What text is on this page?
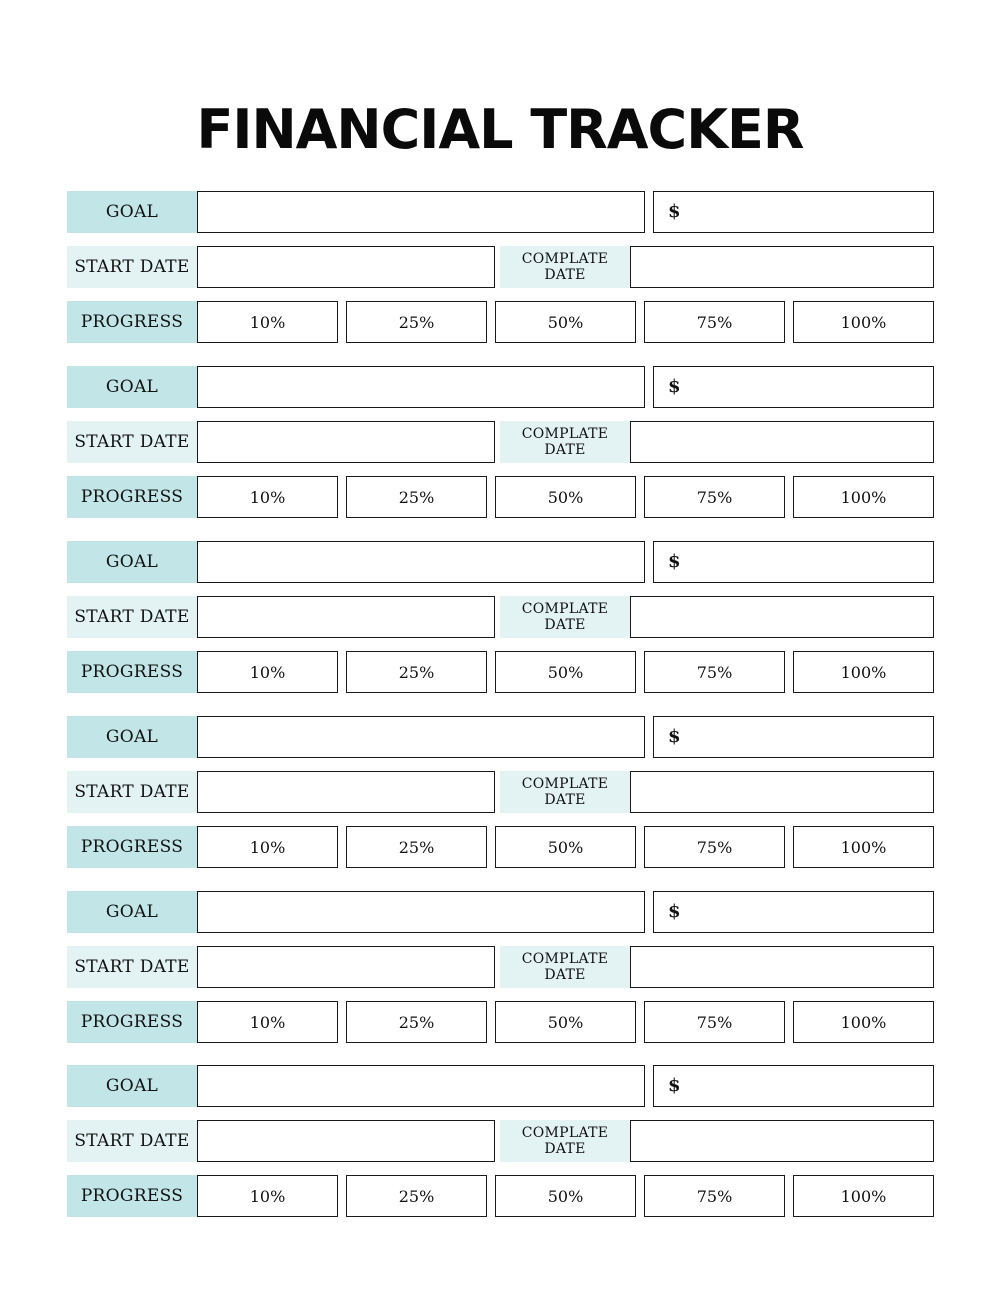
FINANCIAL TRACKER
GOAL	$
START DATE	COMPLATE
DATE
PROGRESS	10%	25%	50%	75%	100%
GOAL	$
START DATE	COMPLATE
DATE
PROGRESS	10%	25%	50%	75%	100%
GOAL	$
START DATE	COMPLATE
DATE
PROGRESS	10%	25%	50%	75%	100%
GOAL	$
START DATE	COMPLATE
DATE
PROGRESS	10%	25%	50%	75%	100%
GOAL	$
START DATE	COMPLATE
DATE
PROGRESS	10%	25%	50%	75%	100%
GOAL	$
START DATE	COMPLATE
DATE
PROGRESS	10%	25%	50%	75%	100%
